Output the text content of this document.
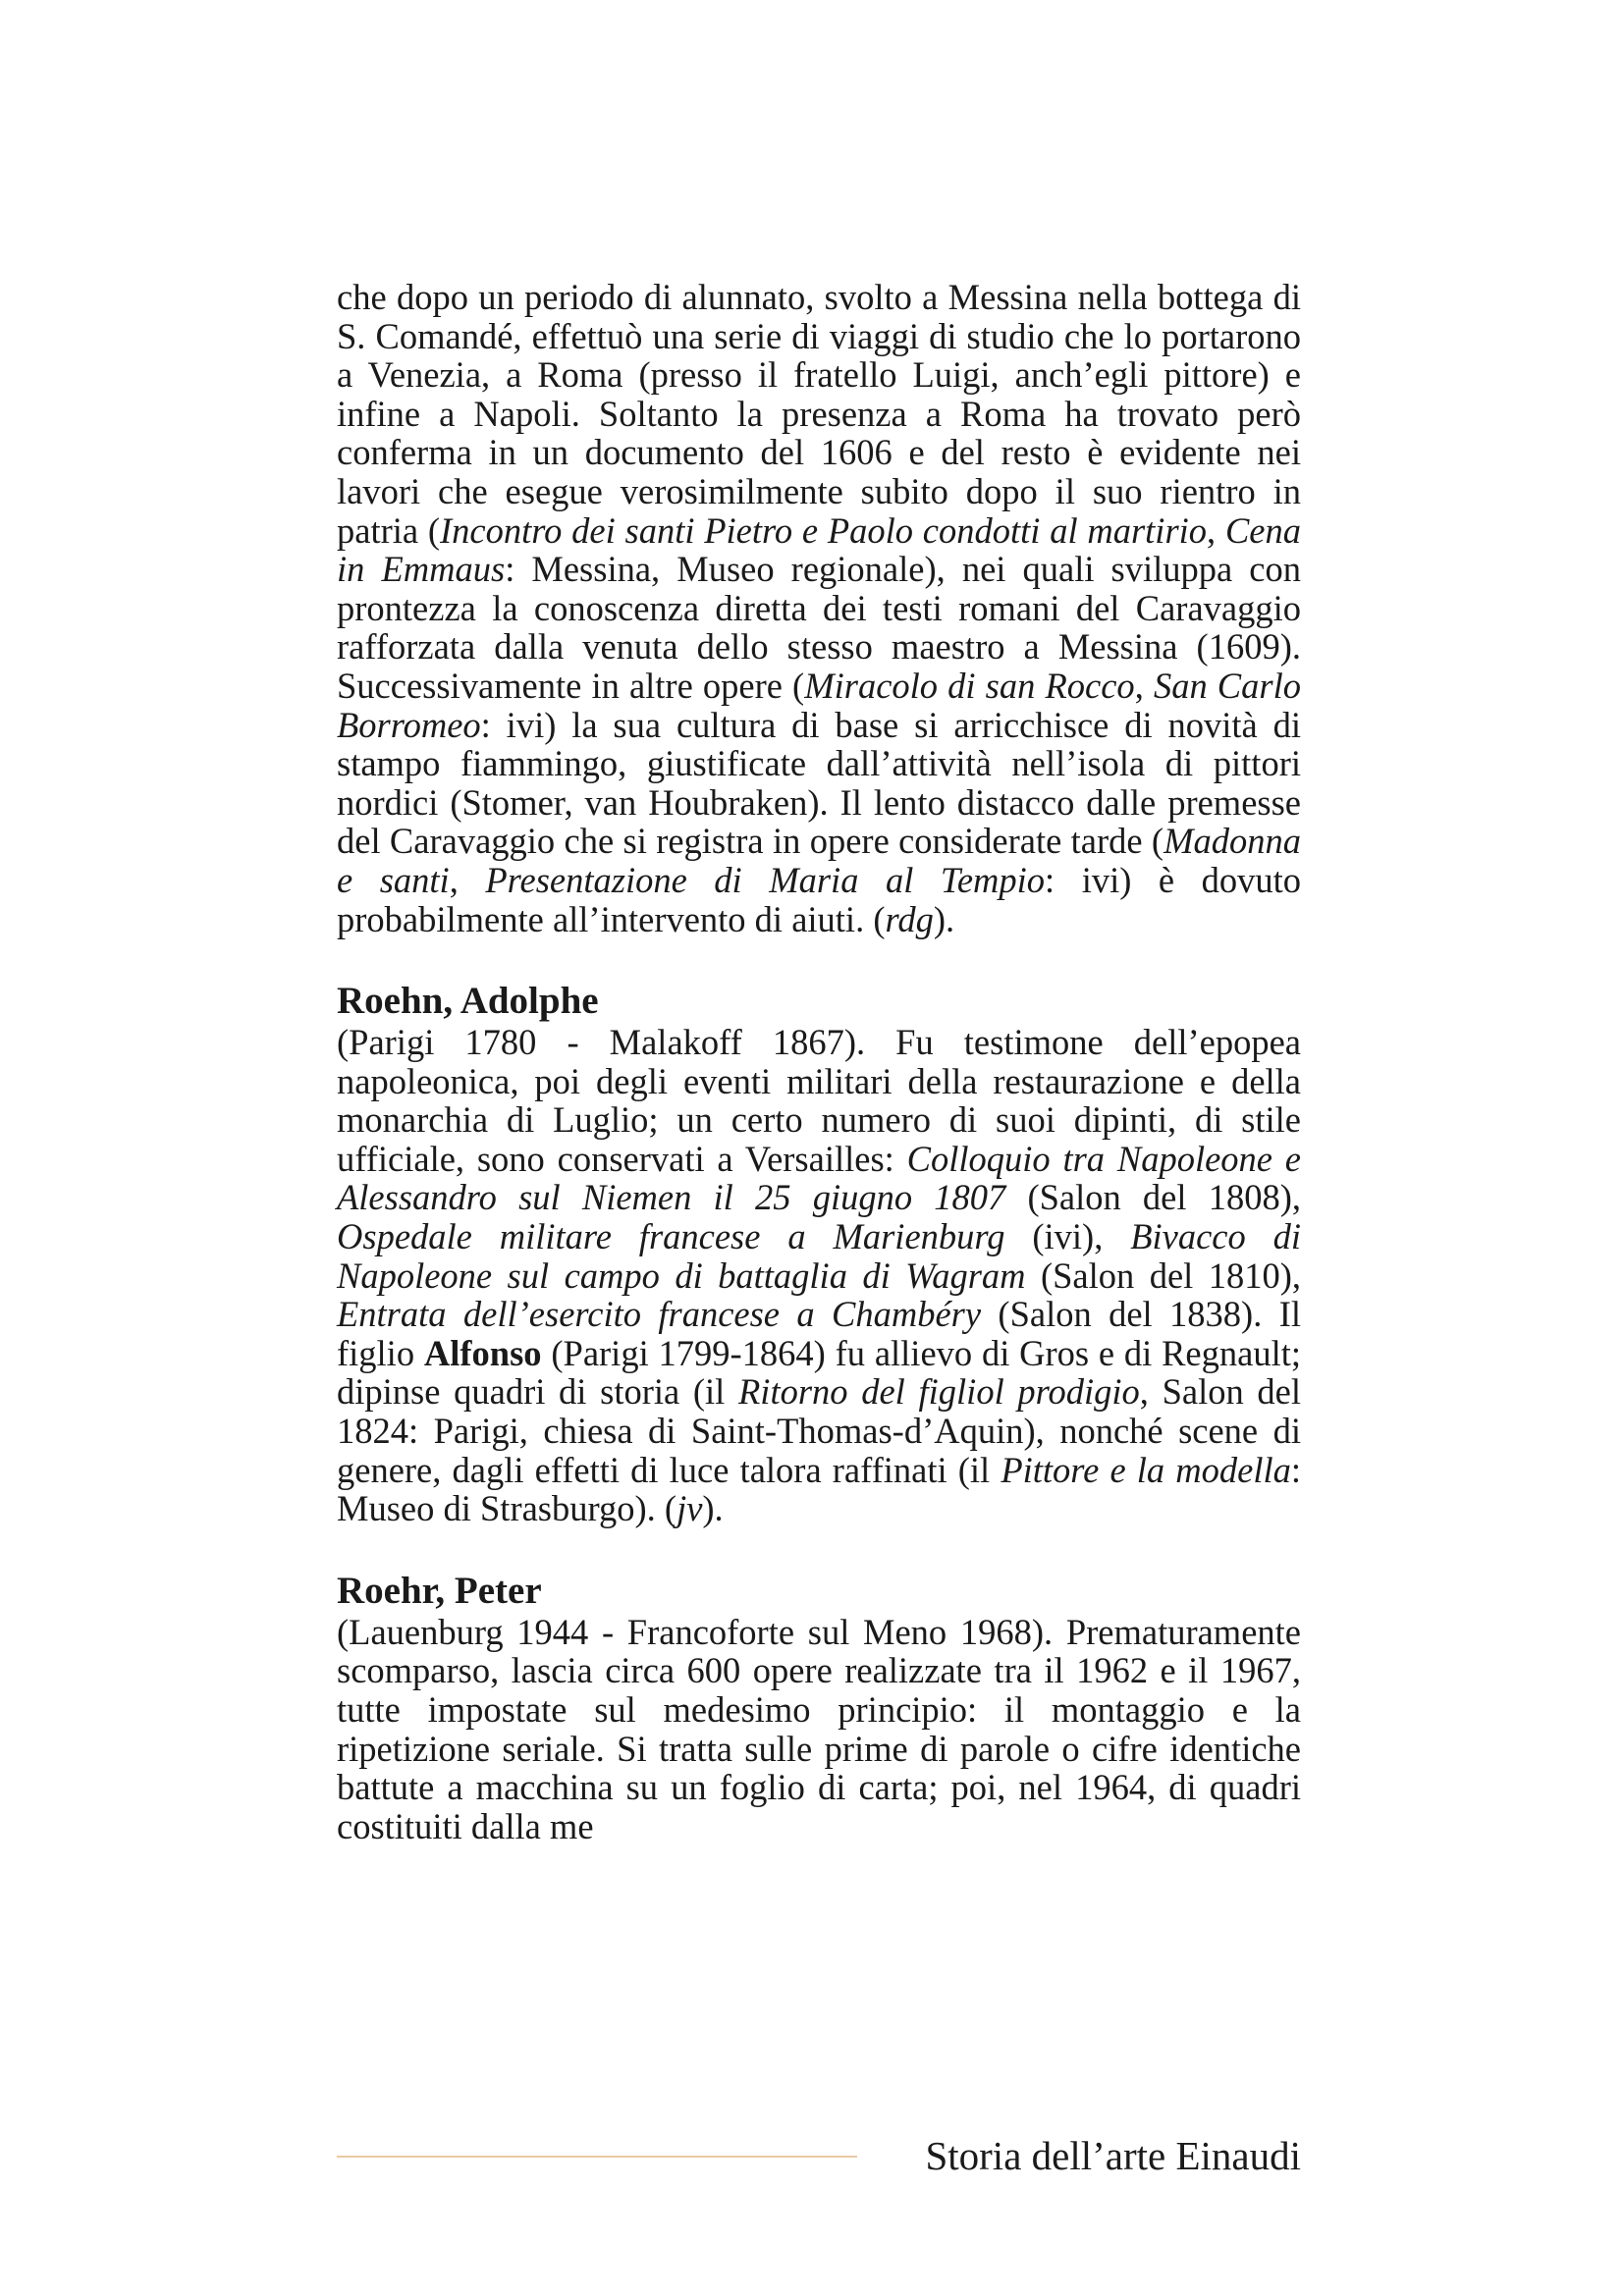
che dopo un periodo di alunnato, svolto a Messina nella bottega di S. Comandé, effettuò una serie di viaggi di studio che lo portarono a Venezia, a Roma (presso il fratello Luigi, anch’egli pittore) e infine a Napoli. Soltanto la presenza a Roma ha trovato però conferma in un documento del 1606 e del resto è evidente nei lavori che esegue verosimilmente subito dopo il suo rientro in patria (Incontro dei santi Pietro e Paolo condotti al martirio, Cena in Emmaus: Messina, Museo regionale), nei quali sviluppa con prontezza la conoscenza diretta dei testi romani del Caravaggio rafforzata dalla venuta dello stesso maestro a Messina (1609). Successivamente in altre opere (Miracolo di san Rocco, San Carlo Borromeo: ivi) la sua cultura di base si arricchisce di novità di stampo fiammingo, giustificate dall’attività nell’isola di pittori nordici (Stomer, van Houbraken). Il lento distacco dalle premesse del Caravaggio che si registra in opere considerate tarde (Madonna e santi, Presentazione di Maria al Tempio: ivi) è dovuto probabilmente all’intervento di aiuti. (rdg).

Roehn, Adolphe

(Parigi 1780 - Malakoff 1867). Fu testimone dell’epopea napoleonica, poi degli eventi militari della restaurazione e della monarchia di Luglio; un certo numero di suoi dipinti, di stile ufficiale, sono conservati a Versailles: Colloquio tra Napoleone e Alessandro sul Niemen il 25 giugno 1807 (Salon del 1808), Ospedale militare francese a Marienburg (ivi), Bivacco di Napoleone sul campo di battaglia di Wagram (Salon del 1810), Entrata dell’esercito francese a Chambéry (Salon del 1838). Il figlio Alfonso (Parigi 1799-1864) fu allievo di Gros e di Regnault; dipinse quadri di storia (il Ritorno del figliol prodigio, Salon del 1824: Parigi, chiesa di Saint-Thomas-d’Aquin), nonché scene di genere, dagli effetti di luce talora raffinati (il Pittore e la modella: Museo di Strasburgo). (jv).

Roehr, Peter

(Lauenburg 1944 - Francoforte sul Meno 1968). Prematuramente scomparso, lascia circa 600 opere realizzate tra il 1962 e il 1967, tutte impostate sul medesimo principio: il montaggio e la ripetizione seriale. Si tratta sulle prime di parole o cifre identiche battute a macchina su un foglio di carta; poi, nel 1964, di quadri costituiti dalla me

Storia dell’arte Einaudi
